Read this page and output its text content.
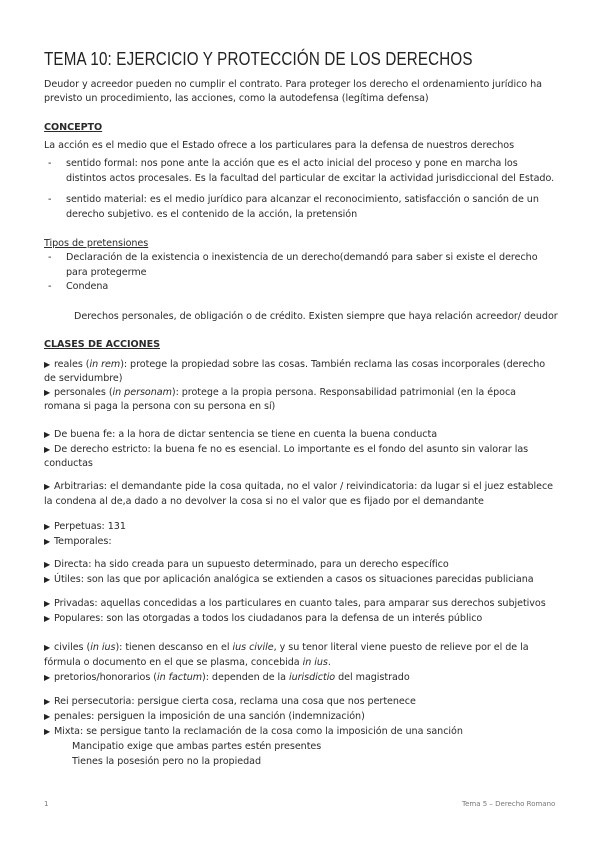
TEMA 10: EJERCICIO Y PROTECCIÓN DE LOS DERECHOS
Deudor y acreedor pueden no cumplir el contrato. Para proteger los derecho el ordenamiento jurídico ha
previsto un procedimiento, las acciones, como la autodefensa (legítima defensa)
CONCEPTO
La acción es el medio que el Estado ofrece a los particulares para la defensa de nuestros derechos
- sentido formal: nos pone ante la acción que es el acto inicial del proceso y pone en marcha los
distintos actos procesales. Es la facultad del particular de excitar la actividad jurisdiccional del Estado.
- sentido material: es el medio jurídico para alcanzar el reconocimiento, satisfacción o sanción de un
derecho subjetivo. es el contenido de la acción, la pretensión
Tipos de pretensiones
- Declaración de la existencia o inexistencia de un derecho(demandó para saber si existe el derecho
para protegerme
- Condena
Derechos personales, de obligación o de crédito. Existen siempre que haya relación acreedor/ deudor
CLASES DE ACCIONES
▶ reales (in rem): protege la propiedad sobre las cosas. También reclama las cosas incorporales (derecho
de servidumbre)
▶ personales (in personam): protege a la propia persona. Responsabilidad patrimonial (en la época
romana si paga la persona con su persona en sí)
▶ De buena fe: a la hora de dictar sentencia se tiene en cuenta la buena conducta
▶ De derecho estricto: la buena fe no es esencial. Lo importante es el fondo del asunto sin valorar las
conductas
▶ Arbitrarias: el demandante pide la cosa quitada, no el valor / reivindicatoria: da lugar si el juez establece
la condena al de,a dado a no devolver la cosa si no el valor que es fijado por el demandante
▶ Perpetuas: 131
▶ Temporales:
▶ Directa: ha sido creada para un supuesto determinado, para un derecho específico
▶ Útiles: son las que por aplicación analógica se extienden a casos os situaciones parecidas publiciana
▶ Privadas: aquellas concedidas a los particulares en cuanto tales, para amparar sus derechos subjetivos
▶ Populares: son las otorgadas a todos los ciudadanos para la defensa de un interés público
▶ civiles (in ius): tienen descanso en el ius civile, y su tenor literal viene puesto de relieve por el de la
fórmula o documento en el que se plasma, concebida in ius.
▶ pretorios/honorarios (in factum): dependen de la iurisdictio del magistrado
▶ Rei persecutoria: persigue cierta cosa, reclama una cosa que nos pertenece
▶ penales: persiguen la imposición de una sanción (indemnización)
▶ Mixta: se persigue tanto la reclamación de la cosa como la imposición de una sanción
Mancipatio exige que ambas partes estén presentes
Tienes la posesión pero no la propiedad
1	Tema 5 – Derecho Romano
